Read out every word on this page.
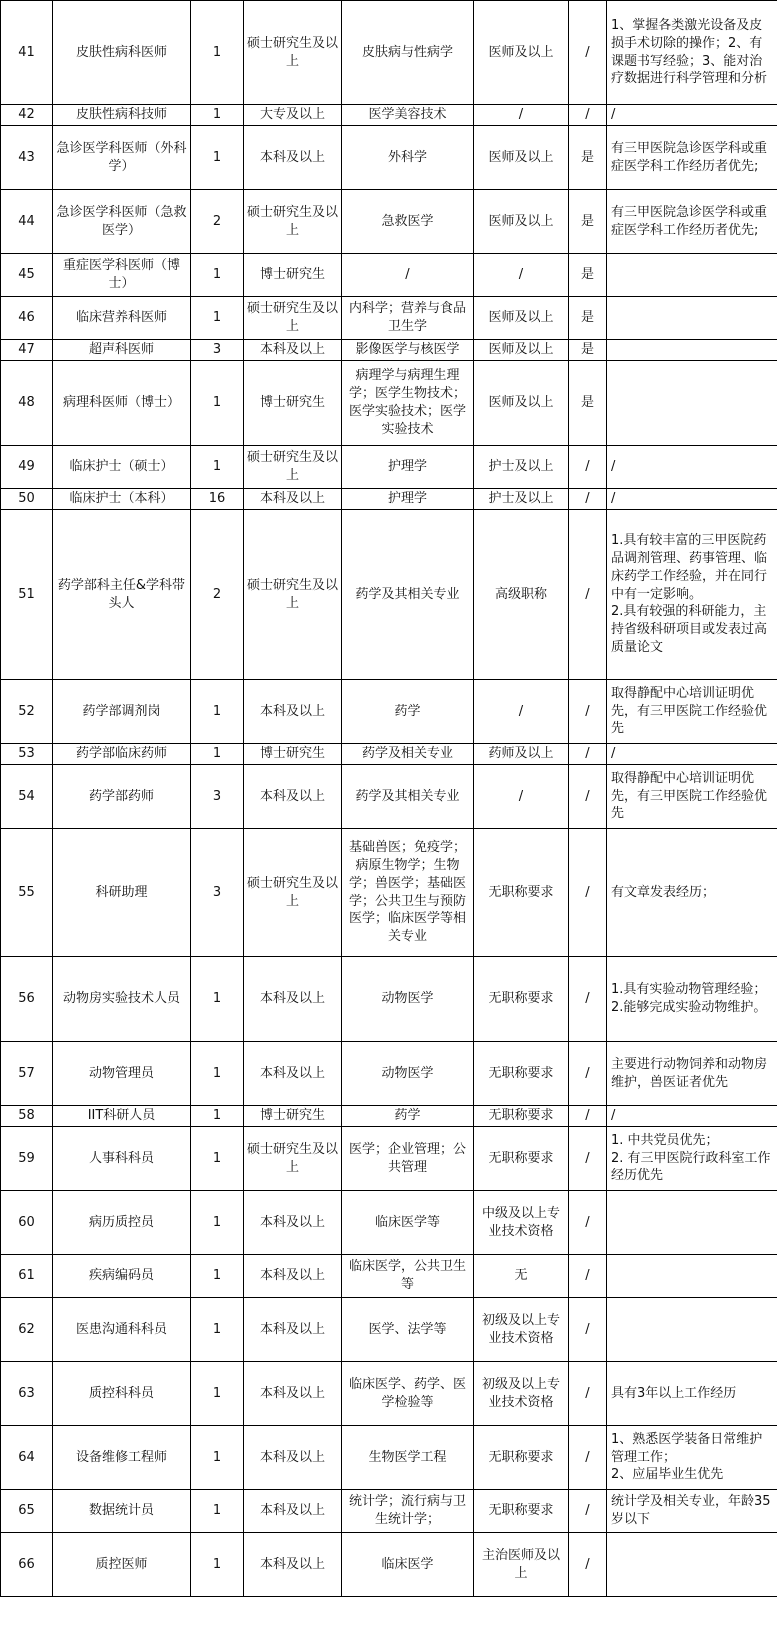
41	皮肤性病科医师	1	硕士研究生及以上	皮肤病与性病学	医师及以上	/	1、掌握各类激光设备及皮损手术切除的操作；2、有课题书写经验；3、能对治疗数据进行科学管理和分析

42	皮肤性病科技师	1	大专及以上	医学美容技术	/	/	/

43	急诊医学科医师（外科学）	1	本科及以上	外科学	医师及以上	是	有三甲医院急诊医学科或重症医学科工作经历者优先;

44	急诊医学科医师（急救医学）	2	硕士研究生及以上	急救医学	医师及以上	是	有三甲医院急诊医学科或重症医学科工作经历者优先;

45	重症医学科医师（博士）	1	博士研究生	/	/	是	

46	临床营养科医师	1	硕士研究生及以上	内科学；营养与食品卫生学	医师及以上	是	

47	超声科医师	3	本科及以上	影像医学与核医学	医师及以上	是	

48	病理科医师（博士）	1	博士研究生	病理学与病理生理学；医学生物技术；医学实验技术；医学实验技术	医师及以上	是	

49	临床护士（硕士）	1	硕士研究生及以上	护理学	护士及以上	/	/

50	临床护士（本科）	16	本科及以上	护理学	护士及以上	/	/

51	药学部科主任&学科带头人	2	硕士研究生及以上	药学及其相关专业	高级职称	/	1.具有较丰富的三甲医院药品调剂管理、药事管理、临床药学工作经验，并在同行中有一定影响。
2.具有较强的科研能力，主持省级科研项目或发表过高质量论文

52	药学部调剂岗	1	本科及以上	药学	/	/	取得静配中心培训证明优先，有三甲医院工作经验优先

53	药学部临床药师	1	博士研究生	药学及相关专业	药师及以上	/	/

54	药学部药师	3	本科及以上	药学及其相关专业	/	/	取得静配中心培训证明优先，有三甲医院工作经验优先

55	科研助理	3	硕士研究生及以上	基础兽医；免疫学；病原生物学；生物学；兽医学；基础医学；公共卫生与预防医学；临床医学等相关专业	无职称要求	/	有文章发表经历；

56	动物房实验技术人员	1	本科及以上	动物医学	无职称要求	/	1.具有实验动物管理经验；
2.能够完成实验动物维护。

57	动物管理员	1	本科及以上	动物医学	无职称要求	/	主要进行动物饲养和动物房维护，兽医证者优先

58	IIT科研人员	1	博士研究生	药学	无职称要求	/	/

59	人事科科员	1	硕士研究生及以上	医学；企业管理；公共管理	无职称要求	/	1. 中共党员优先；
2. 有三甲医院行政科室工作经历优先

60	病历质控员	1	本科及以上	临床医学等	中级及以上专业技术资格	/	

61	疾病编码员	1	本科及以上	临床医学，公共卫生等	无	/	

62	医患沟通科科员	1	本科及以上	医学、法学等	初级及以上专业技术资格	/	

63	质控科科员	1	本科及以上	临床医学、药学、医学检验等	初级及以上专业技术资格	/	具有3年以上工作经历

64	设备维修工程师	1	本科及以上	生物医学工程	无职称要求	/	1、熟悉医学装备日常维护管理工作；
2、应届毕业生优先

65	数据统计员	1	本科及以上	统计学；流行病与卫生统计学；	无职称要求	/	统计学及相关专业，年龄35岁以下

66	质控医师	1	本科及以上	临床医学	主治医师及以上	/	
